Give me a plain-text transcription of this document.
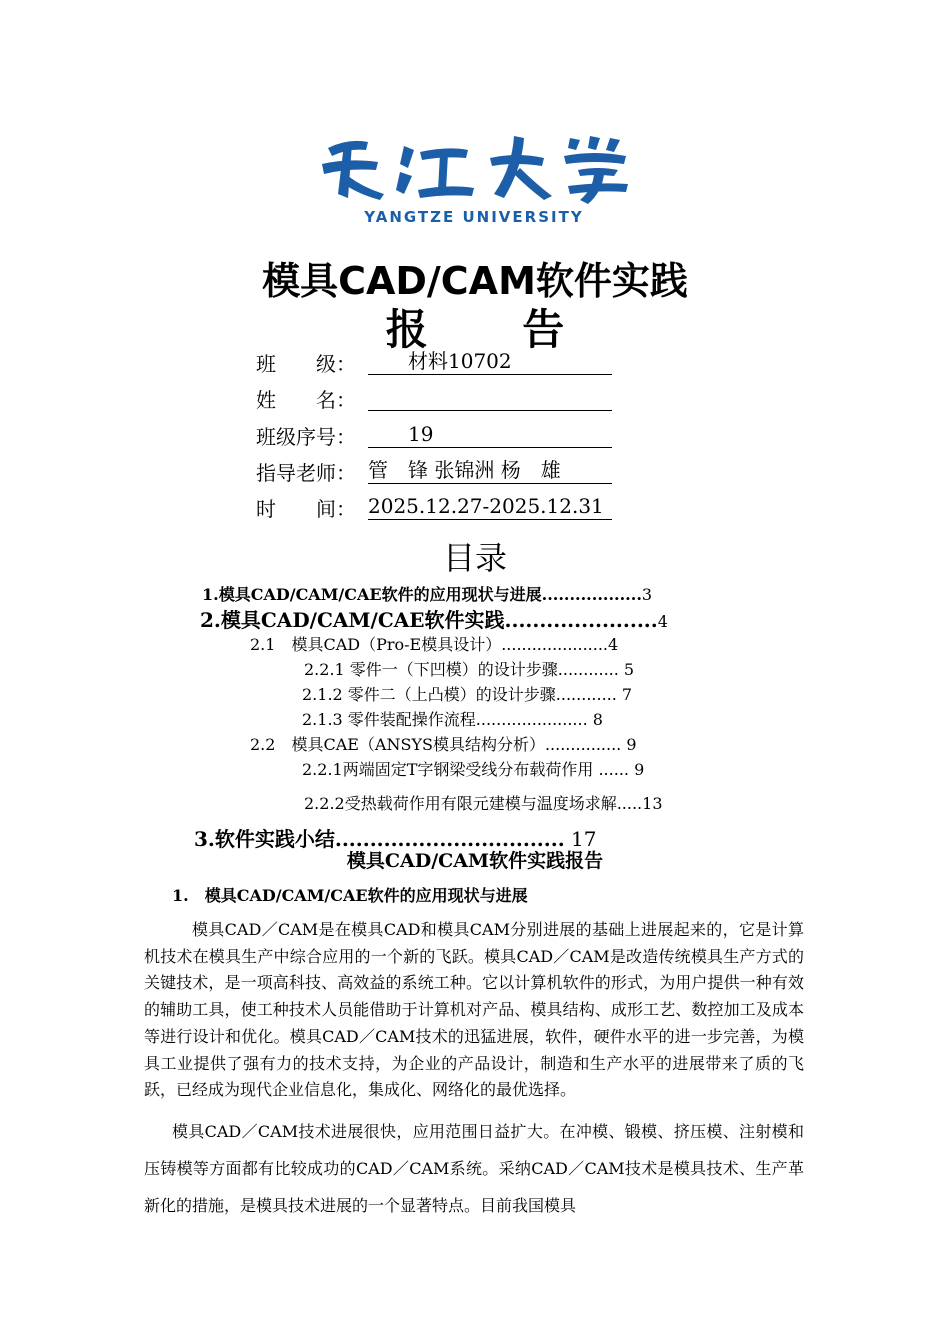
YANGTZE UNIVERSITY
模具CAD/CAM软件实践
报 告
班　　级： 　　材料10702
姓　　名：
班级序号： 　　19
指导老师： 管　锋 张锦洲 杨　雄
时　　间： 2025.12.27-2025.12.31
目录
1.模具CAD/CAM/CAE软件的应用现状与进展..................3
2.模具CAD/CAM/CAE软件实践......................4
2.1　模具CAD（Pro-E模具设计）.....................4
2.2.1 零件一（下凹模）的设计步骤............ 5
2.1.2 零件二（上凸模）的设计步骤............ 7
2.1.3 零件装配操作流程...................... 8
2.2　模具CAE（ANSYS模具结构分析）............... 9
2.2.1两端固定T字钢梁受线分布载荷作用 ...... 9
2.2.2受热载荷作用有限元建模与温度场求解.....13
3.软件实践小结................................. 17
模具CAD/CAM软件实践报告
1.　模具CAD/CAM/CAE软件的应用现状与进展
模具CAD／CAM是在模具CAD和模具CAM分别进展的基础上进展起来的，它是计算机技术在模具生产中综合应用的一个新的飞跃。模具CAD／CAM是改造传统模具生产方式的关键技术，是一项高科技、高效益的系统工种。它以计算机软件的形式，为用户提供一种有效的辅助工具，使工种技术人员能借助于计算机对产品、模具结构、成形工艺、数控加工及成本等进行设计和优化。模具CAD／CAM技术的迅猛进展，软件，硬件水平的进一步完善，为模具工业提供了强有力的技术支持，为企业的产品设计，制造和生产水平的进展带来了质的飞跃，已经成为现代企业信息化，集成化、网络化的最优选择。
模具CAD／CAM技术进展很快，应用范围日益扩大。在冲模、锻模、挤压模、注射模和压铸模等方面都有比较成功的CAD／CAM系统。采纳CAD／CAM技术是模具技术、生产革新化的措施，是模具技术进展的一个显著特点。目前我国模具
